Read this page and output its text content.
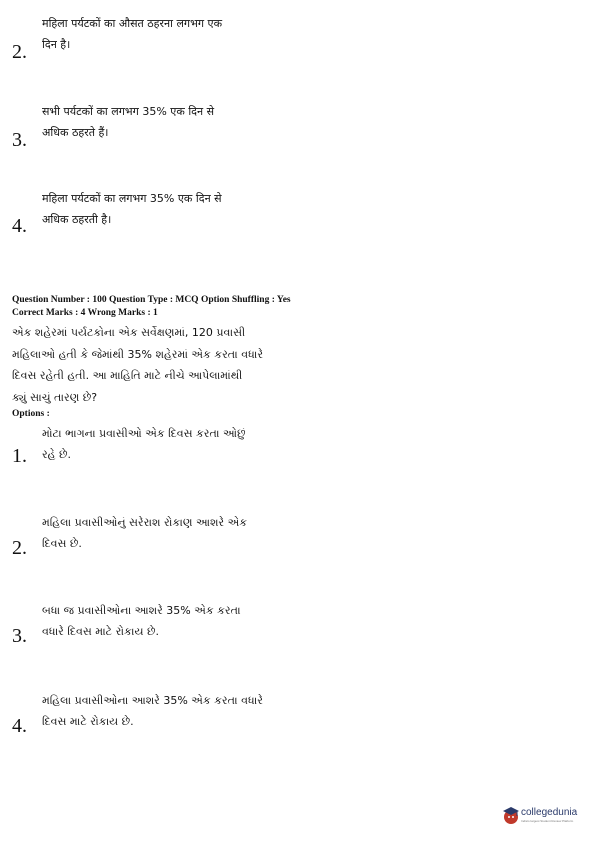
महिला पर्यटकों का औसत ठहरना लगभग एक
दिन है।
2.
सभी पर्यटकों का लगभग 35% एक दिन से
अधिक ठहरते हैं।
3.
महिला पर्यटकों का लगभग 35% एक दिन से
अधिक ठहरती है।
4.
Question Number : 100 Question Type : MCQ Option Shuffling : Yes
Correct Marks : 4 Wrong Marks : 1
એક શહેરમાં પર્યટકોના એક સર્વેક્ષણમાં, 120 પ્રવાસી
મહિલાઓ હતી કે જેમાંથી 35% શહેરમાં એક કરતા વધારે
દિવસ રહેતી હતી. આ માહિતિ માટે નીચે આપેલામાંથી
ક્યું સાચું તારણ છે?
Options :
મોટા ભાગના પ્રવાસીઓ એક દિવસ કરતા ઓછું
રહે છે.
1.
મહિલા પ્રવાસીઓનું સરેરાશ રોકાણ આશરે એક
દિવસ છે.
2.
બધા જ પ્રવાસીઓના આશરે 35% એક કરતા
વધારે દિવસ માટે રોકાય છે.
3.
મહિલા પ્રવાસીઓના આશરે 35% એક કરતા વધારે
દિવસ માટે રોકાય છે.
4.
collegedunia
India's largest Student Review Platform
